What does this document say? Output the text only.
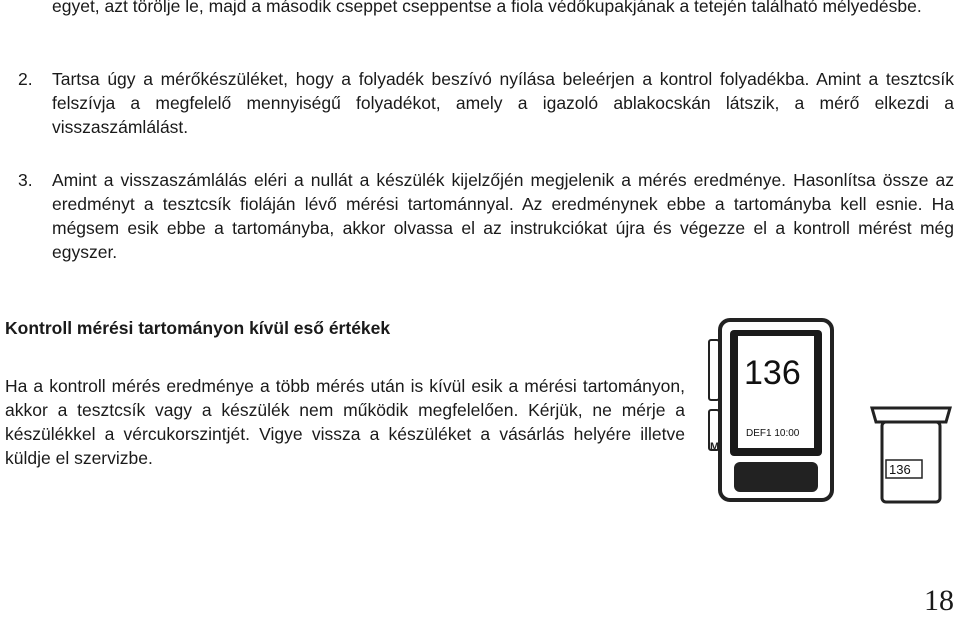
egyet, azt törölje le, majd a második cseppet cseppentse a fiola védőkupakjának a tetején található mélyedésbe.

2. Tartsa úgy a mérőkészüléket, hogy a folyadék beszívó nyílása beleérjen a kontrol folyadékba. Amint a tesztcsík felszívja a megfelelő mennyiségű folyadékot, amely a igazoló ablakocskán látszik, a mérő elkezdi a visszaszámlálást.
3. Amint a visszaszámlálás eléri a nullát a készülék kijelzőjén megjelenik a mérés eredménye. Hasonlítsa össze az eredményt a tesztcsík fioláján lévő mérési tartománnyal. Az eredménynek ebbe a tartományba kell esnie. Ha mégsem esik ebbe a tartományba, akkor olvassa el az instrukciókat újra és végezze el a kontroll mérést még egyszer.
Kontroll mérési tartományon kívül eső értékek

Ha a kontroll mérés eredménye a több mérés után is kívül esik a mérési tartományon, akkor a tesztcsík vagy a készülék nem működik megfelelően. Kérjük, ne mérje a készülékkel a vércukorszintjét. Vigye vissza a készüléket a vásárlás helyére illetve küldje el szervizbe.

M
136
DEF1 10:00
136
18
